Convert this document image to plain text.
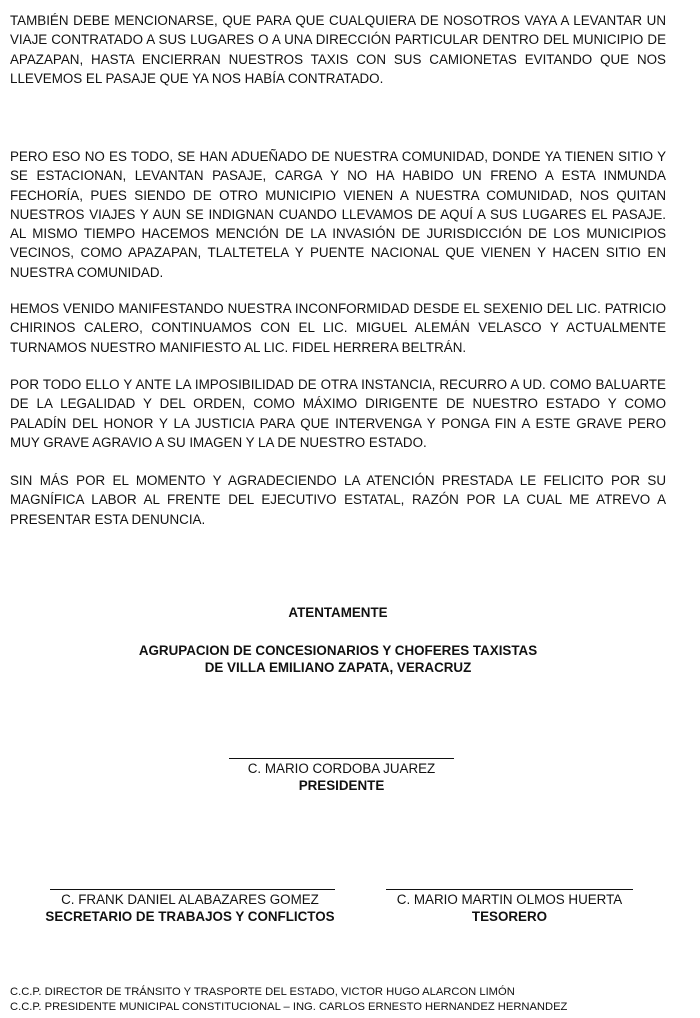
TAMBIÉN DEBE MENCIONARSE, QUE PARA QUE CUALQUIERA DE NOSOTROS VAYA A LEVANTAR UN VIAJE CONTRATADO A SUS LUGARES O A UNA DIRECCIÓN PARTICULAR DENTRO DEL MUNICIPIO DE APAZAPAN, HASTA ENCIERRAN NUESTROS TAXIS CON SUS CAMIONETAS EVITANDO QUE NOS LLEVEMOS EL PASAJE QUE YA NOS HABÍA CONTRATADO.

PERO ESO NO ES TODO, SE HAN ADUEÑADO DE NUESTRA COMUNIDAD, DONDE YA TIENEN SITIO Y SE ESTACIONAN, LEVANTAN PASAJE, CARGA Y NO HA HABIDO UN FRENO A ESTA INMUNDA FECHORÍA, PUES SIENDO DE OTRO MUNICIPIO VIENEN A NUESTRA COMUNIDAD, NOS QUITAN NUESTROS VIAJES Y AUN SE INDIGNAN CUANDO LLEVAMOS DE AQUÍ A SUS LUGARES EL PASAJE. AL MISMO TIEMPO HACEMOS MENCIÓN DE LA INVASIÓN DE JURISDICCIÓN DE LOS MUNICIPIOS VECINOS, COMO APAZAPAN, TLALTETELA Y PUENTE NACIONAL QUE VIENEN Y HACEN SITIO EN NUESTRA COMUNIDAD.

HEMOS VENIDO MANIFESTANDO NUESTRA INCONFORMIDAD DESDE EL SEXENIO DEL LIC. PATRICIO CHIRINOS CALERO, CONTINUAMOS CON EL LIC. MIGUEL ALEMÁN VELASCO Y ACTUALMENTE TURNAMOS NUESTRO MANIFIESTO AL LIC. FIDEL HERRERA BELTRÁN.

POR TODO ELLO Y ANTE LA IMPOSIBILIDAD DE OTRA INSTANCIA, RECURRO A UD. COMO BALUARTE DE LA LEGALIDAD Y DEL ORDEN, COMO MÁXIMO DIRIGENTE DE NUESTRO ESTADO Y COMO PALADÍN DEL HONOR Y LA JUSTICIA PARA QUE INTERVENGA Y PONGA FIN A ESTE GRAVE PERO MUY GRAVE AGRAVIO A SU IMAGEN Y LA DE NUESTRO ESTADO.

SIN MÁS POR EL MOMENTO Y AGRADECIENDO LA ATENCIÓN PRESTADA LE FELICITO POR SU MAGNÍFICA LABOR AL FRENTE DEL EJECUTIVO ESTATAL, RAZÓN POR LA CUAL ME ATREVO A PRESENTAR ESTA DENUNCIA.

ATENTAMENTE
AGRUPACION DE CONCESIONARIOS Y CHOFERES TAXISTAS
DE VILLA EMILIANO ZAPATA, VERACRUZ
C. MARIO CORDOBA JUAREZ
PRESIDENTE
C. FRANK DANIEL ALABAZARES GOMEZ
SECRETARIO DE TRABAJOS Y CONFLICTOS
C. MARIO MARTIN OLMOS HUERTA
TESORERO
C.C.P. DIRECTOR DE TRÁNSITO Y TRASPORTE DEL ESTADO, VICTOR HUGO ALARCON LIMÓN
C.C.P. PRESIDENTE MUNICIPAL CONSTITUCIONAL – ING. CARLOS ERNESTO HERNANDEZ HERNANDEZ
